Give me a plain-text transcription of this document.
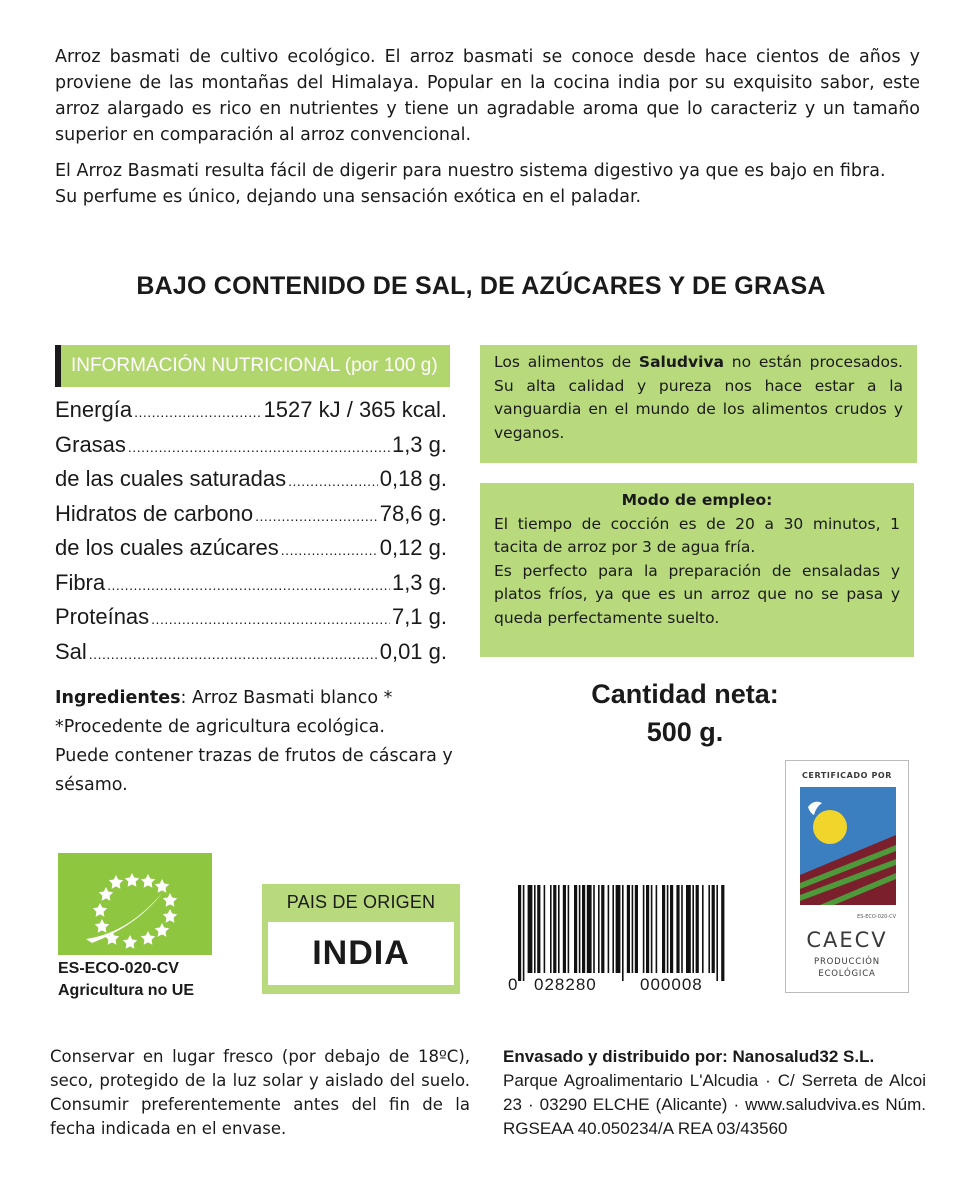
Arroz basmati de cultivo ecológico. El arroz basmati se conoce desde hace cientos de años y proviene de las montañas del Himalaya. Popular en la cocina india por su exquisito sabor, este arroz alargado es rico en nutrientes y tiene un agradable aroma que lo caracteriz y un tamaño superior en comparación al arroz convencional.

El Arroz Basmati resulta fácil de digerir para nuestro sistema digestivo ya que es bajo en fibra.

Su perfume es único, dejando una sensación exótica en el paladar.

BAJO CONTENIDO DE SAL, DE AZÚCARES Y DE GRASA
INFORMACIÓN NUTRICIONAL (por 100 g)
Energía .....	1527 kJ / 365 kcal.
Grasas .....	1,3 g.
de las cuales saturadas .....	0,18 g.
Hidratos de carbono .....	78,6 g.
de los cuales azúcares .....	0,12 g.
Fibra .....	1,3 g.
Proteínas .....	7,1 g.
Sal .....	0,01 g.
Los alimentos de Saludviva no están procesados. Su alta calidad y pureza nos hace estar a la vanguardia en el mundo de los alimentos crudos y veganos.
Modo de empleo:
El tiempo de cocción es de 20 a 30 minutos, 1 tacita de arroz por 3 de agua fría.
Es perfecto para la preparación de ensaladas y platos fríos, ya que es un arroz que no se pasa y queda perfectamente suelto.
Ingredientes: Arroz Basmati blanco *
*Procedente de agricultura ecológica.
Puede contener trazas de frutos de cáscara y sésamo.
Cantidad neta:
500 g.
CERTIFICADO POR
ES-ECO-020-CV
CAECV
PRODUCCIÓN
ECOLÓGICA
ES-ECO-020-CV
Agricultura no UE
PAIS DE ORIGEN
INDIA
0 028280	000008
Conservar en lugar fresco (por debajo de 18ºC), seco, protegido de la luz solar y aislado del suelo. Consumir preferentemente antes del fin de la fecha indicada en el envase.
Envasado y distribuido por: Nanosalud32 S.L.
Parque Agroalimentario L'Alcudia · C/ Serreta de Alcoi 23 · 03290 ELCHE (Alicante) · www.saludviva.es Núm. RGSEAA 40.050234/A REA 03/43560
